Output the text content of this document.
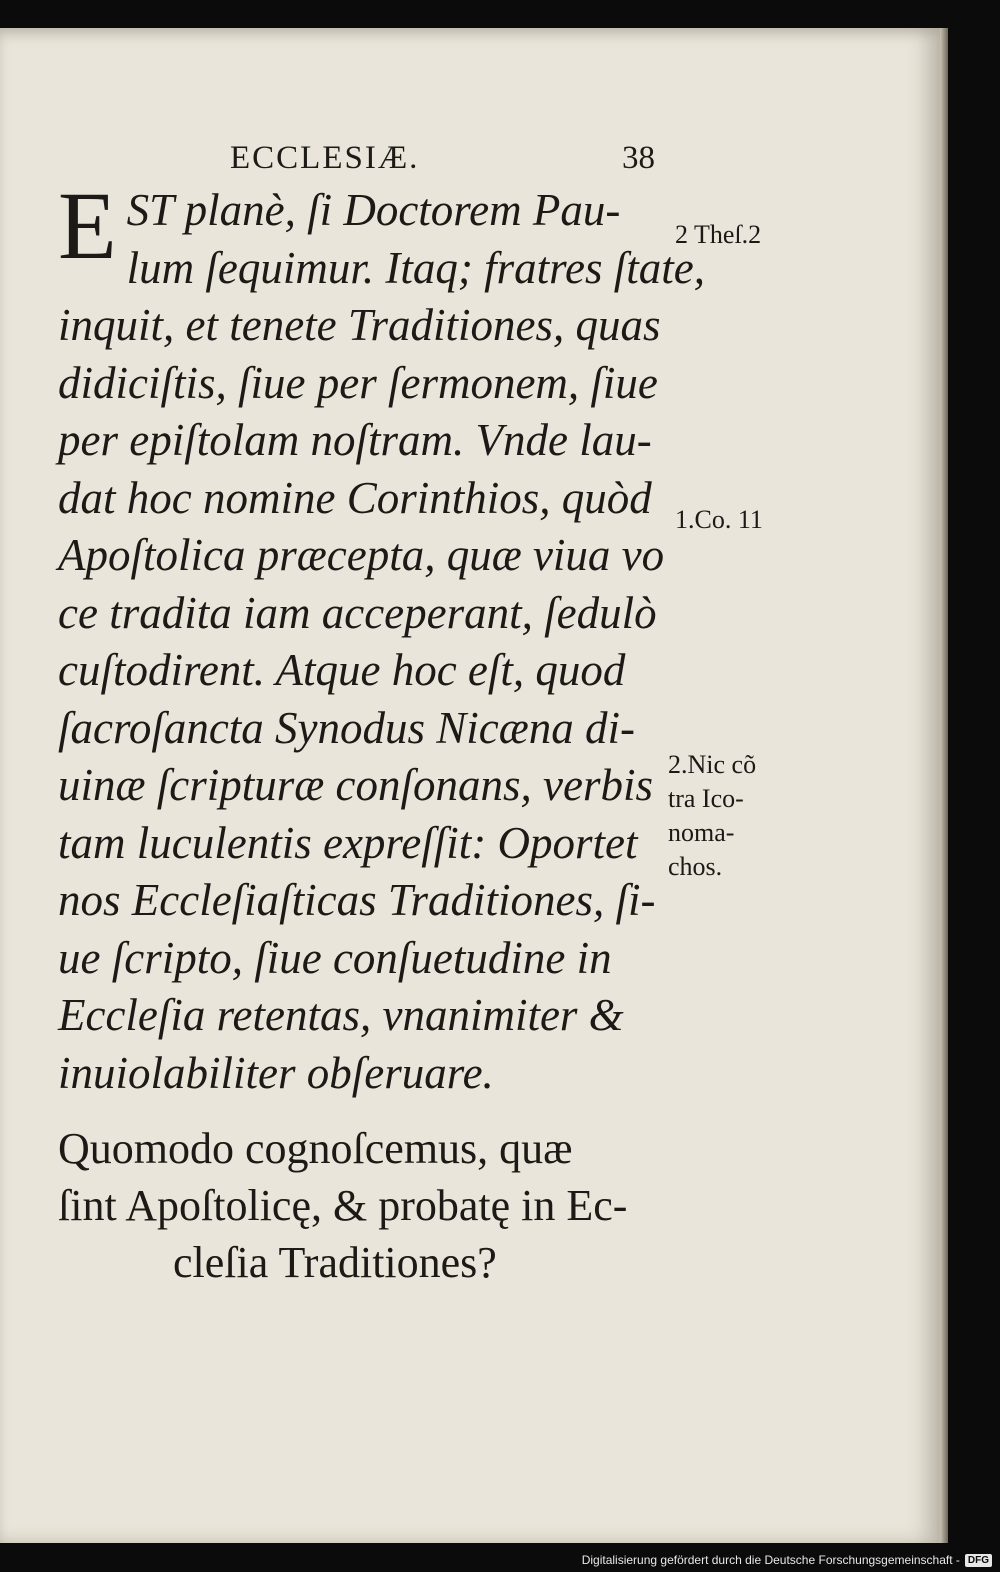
ECCLESIÆ.	38
E ST planè, ſi Doctorem Pau-
lum ſequimur. Itaq; fratres ſtate,
inquit, et tenete Traditiones, quas
didiciſtis, ſiue per ſermonem, ſiue
per epiſtolam noſtram. Vnde lau-
dat hoc nomine Corinthios, quòd
Apoſtolica præcepta, quæ viua vo
ce tradita iam acceperant, ſedulò
cuſtodirent. Atque hoc eſt, quod
ſacroſancta Synodus Nicæna di-
uinæ ſcripturæ conſonans, verbis
tam luculentis expreſſit: Oportet
nos Eccleſiaſticas Traditiones, ſi-
ue ſcripto, ſiue conſuetudine in
Eccleſia retentas, vnanimiter &
inuiolabiliter obſeruare.
Quomodo cognoſcemus, quæ
ſint Apoſtolicę, & probatę in Ec-
cleſia Traditiones?
2 Theſ.2
1.Co. 11
2.Nic cõ
tra Ico-
noma-
chos.
Digitalisierung gefördert durch die Deutsche Forschungsgemeinschaft - DFG
